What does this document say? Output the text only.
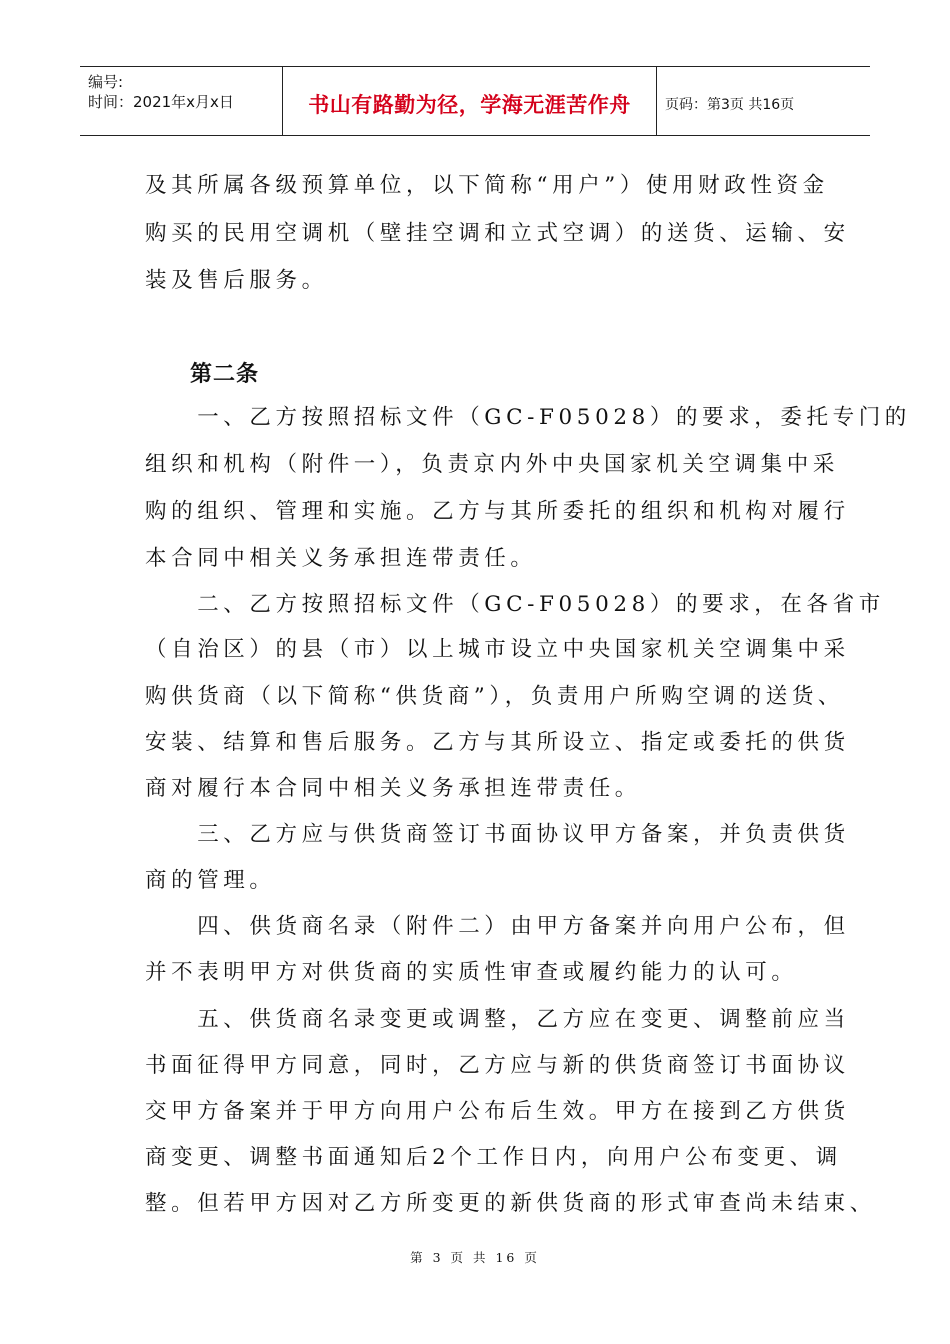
编号:
时间：2021年x月x日	书山有路勤为径，学海无涯苦作舟	页码：第3页 共16页
及其所属各级预算单位，以下简称“用户”）使用财政性资金
购买的民用空调机（壁挂空调和立式空调）的送货、运输、安
装及售后服务。
第二条
　　一、乙方按照招标文件（GC-F05028）的要求，委托专门的
组织和机构（附件一），负责京内外中央国家机关空调集中采
购的组织、管理和实施。乙方与其所委托的组织和机构对履行
本合同中相关义务承担连带责任。
　　二、乙方按照招标文件（GC-F05028）的要求，在各省市
（自治区）的县（市）以上城市设立中央国家机关空调集中采
购供货商（以下简称“供货商”），负责用户所购空调的送货、
安装、结算和售后服务。乙方与其所设立、指定或委托的供货
商对履行本合同中相关义务承担连带责任。
　　三、乙方应与供货商签订书面协议甲方备案，并负责供货
商的管理。
　　四、供货商名录（附件二）由甲方备案并向用户公布，但
并不表明甲方对供货商的实质性审查或履约能力的认可。
　　五、供货商名录变更或调整，乙方应在变更、调整前应当
书面征得甲方同意，同时，乙方应与新的供货商签订书面协议
交甲方备案并于甲方向用户公布后生效。甲方在接到乙方供货
商变更、调整书面通知后2个工作日内，向用户公布变更、调
整。但若甲方因对乙方所变更的新供货商的形式审查尚未结束、
第 3 页 共 16 页
